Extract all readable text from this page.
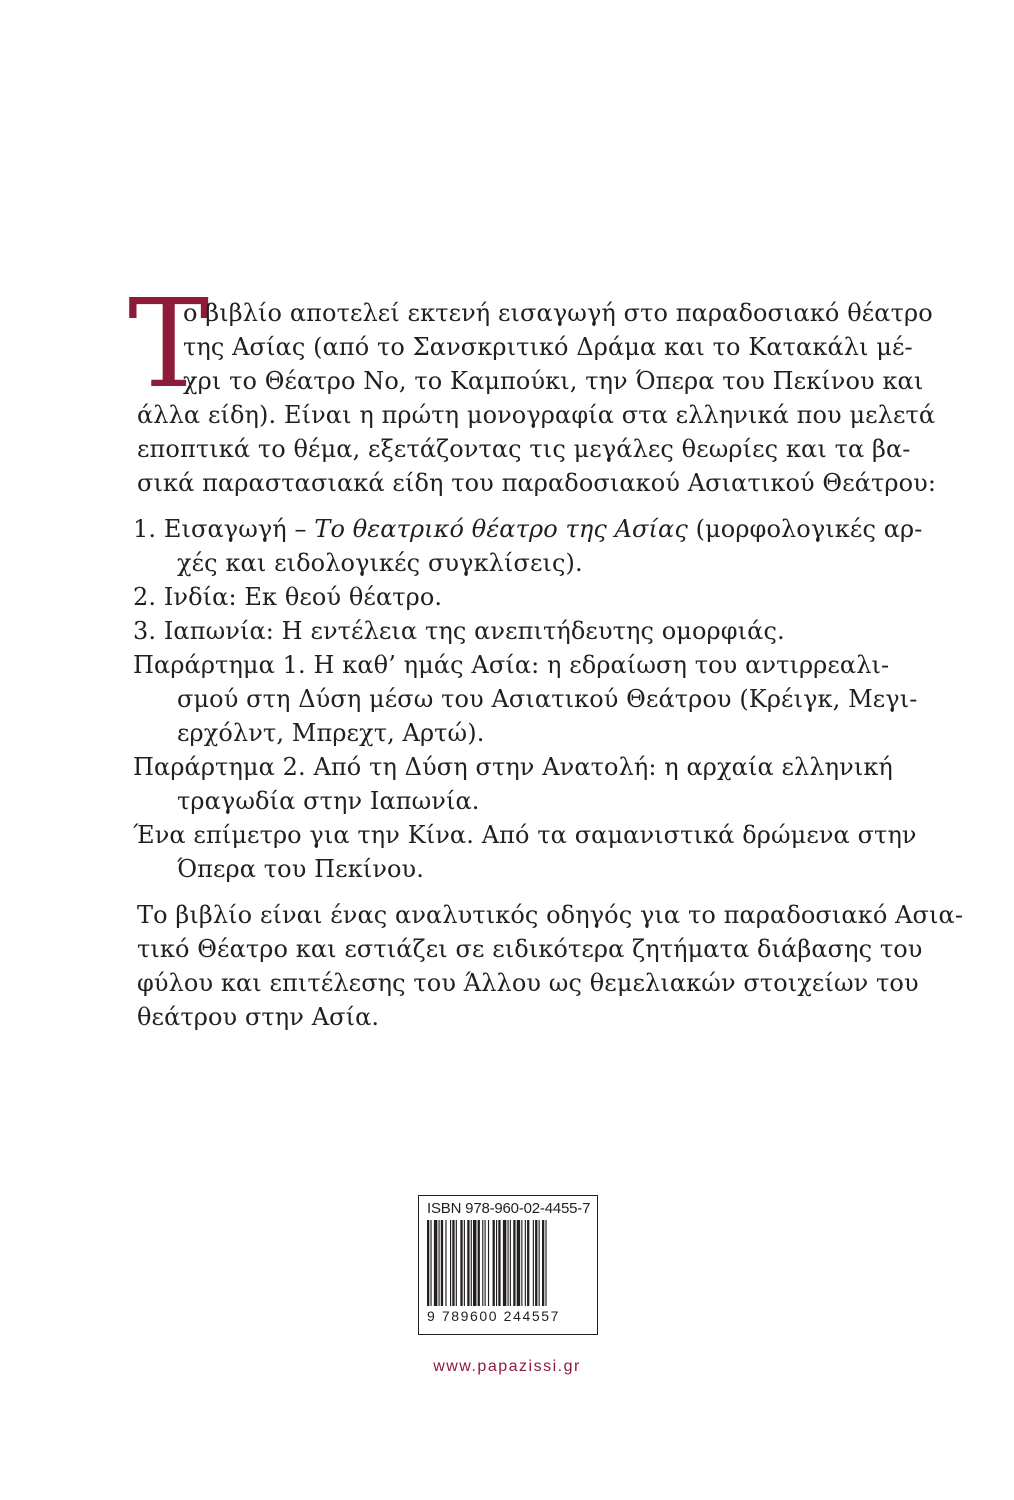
Τ
ο βιβλίο αποτελεί εκτενή εισαγωγή στο παραδοσιακό θέατρο
της Ασίας (από το Σανσκριτικό Δράμα και το Κατακάλι μέ-
χρι το Θέατρο Νο, το Καμπούκι, την Όπερα του Πεκίνου και
άλλα είδη). Είναι η πρώτη μονογραφία στα ελληνικά που μελετά
εποπτικά το θέμα, εξετάζοντας τις μεγάλες θεωρίες και τα βα-
σικά παραστασιακά είδη του παραδοσιακού Ασιατικού Θεάτρου:
1. Εισαγωγή – Το θεατρικό θέατρο της Ασίας (μορφολογικές αρ-
χές και ειδολογικές συγκλίσεις).
2. Ινδία: Εκ θεού θέατρο.
3. Ιαπωνία: Η εντέλεια της ανεπιτήδευτης ομορφιάς.
Παράρτημα 1. Η καθ’ ημάς Ασία: η εδραίωση του αντιρρεαλι-
σμού στη Δύση μέσω του Ασιατικού Θεάτρου (Κρέιγκ, Μεγι-
ερχόλντ, Μπρεχτ, Αρτώ).
Παράρτημα 2. Από τη Δύση στην Ανατολή: η αρχαία ελληνική
τραγωδία στην Ιαπωνία.
Ένα επίμετρο για την Κίνα. Από τα σαμανιστικά δρώμενα στην
Όπερα του Πεκίνου.
Το βιβλίο είναι ένας αναλυτικός οδηγός για το παραδοσιακό Ασια-
τικό Θέατρο και εστιάζει σε ειδικότερα ζητήματα διάβασης του
φύλου και επιτέλεσης του Άλλου ως θεμελιακών στοιχείων του
θεάτρου στην Ασία.
ISBN 978-960-02-4455-7
9 789600 244557
www.papazissi.gr
